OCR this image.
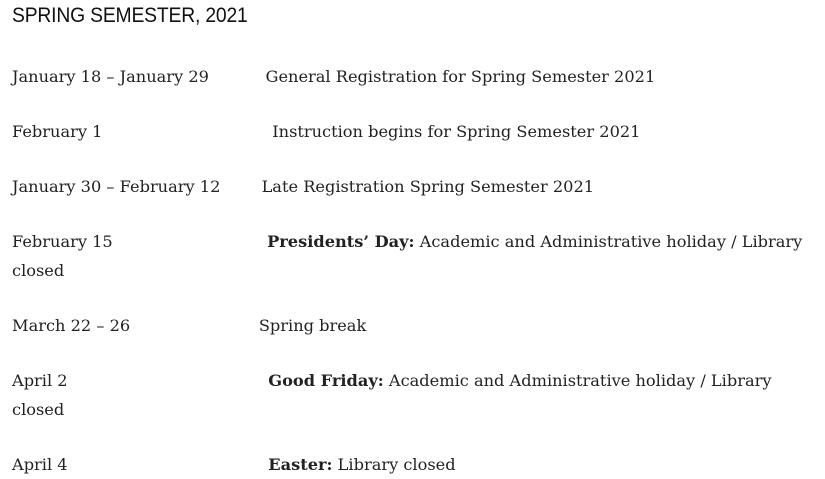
SPRING SEMESTER, 2021

January 18 – January 29	General Registration for Spring Semester 2021

February 1	Instruction begins for Spring Semester 2021

January 30 – February 12	Late Registration Spring Semester 2021

February 15	Presidents’ Day: Academic and Administrative holiday / Library closed

March 22 – 26	Spring break

April 2	Good Friday: Academic and Administrative holiday / Library closed

April 4	Easter: Library closed
